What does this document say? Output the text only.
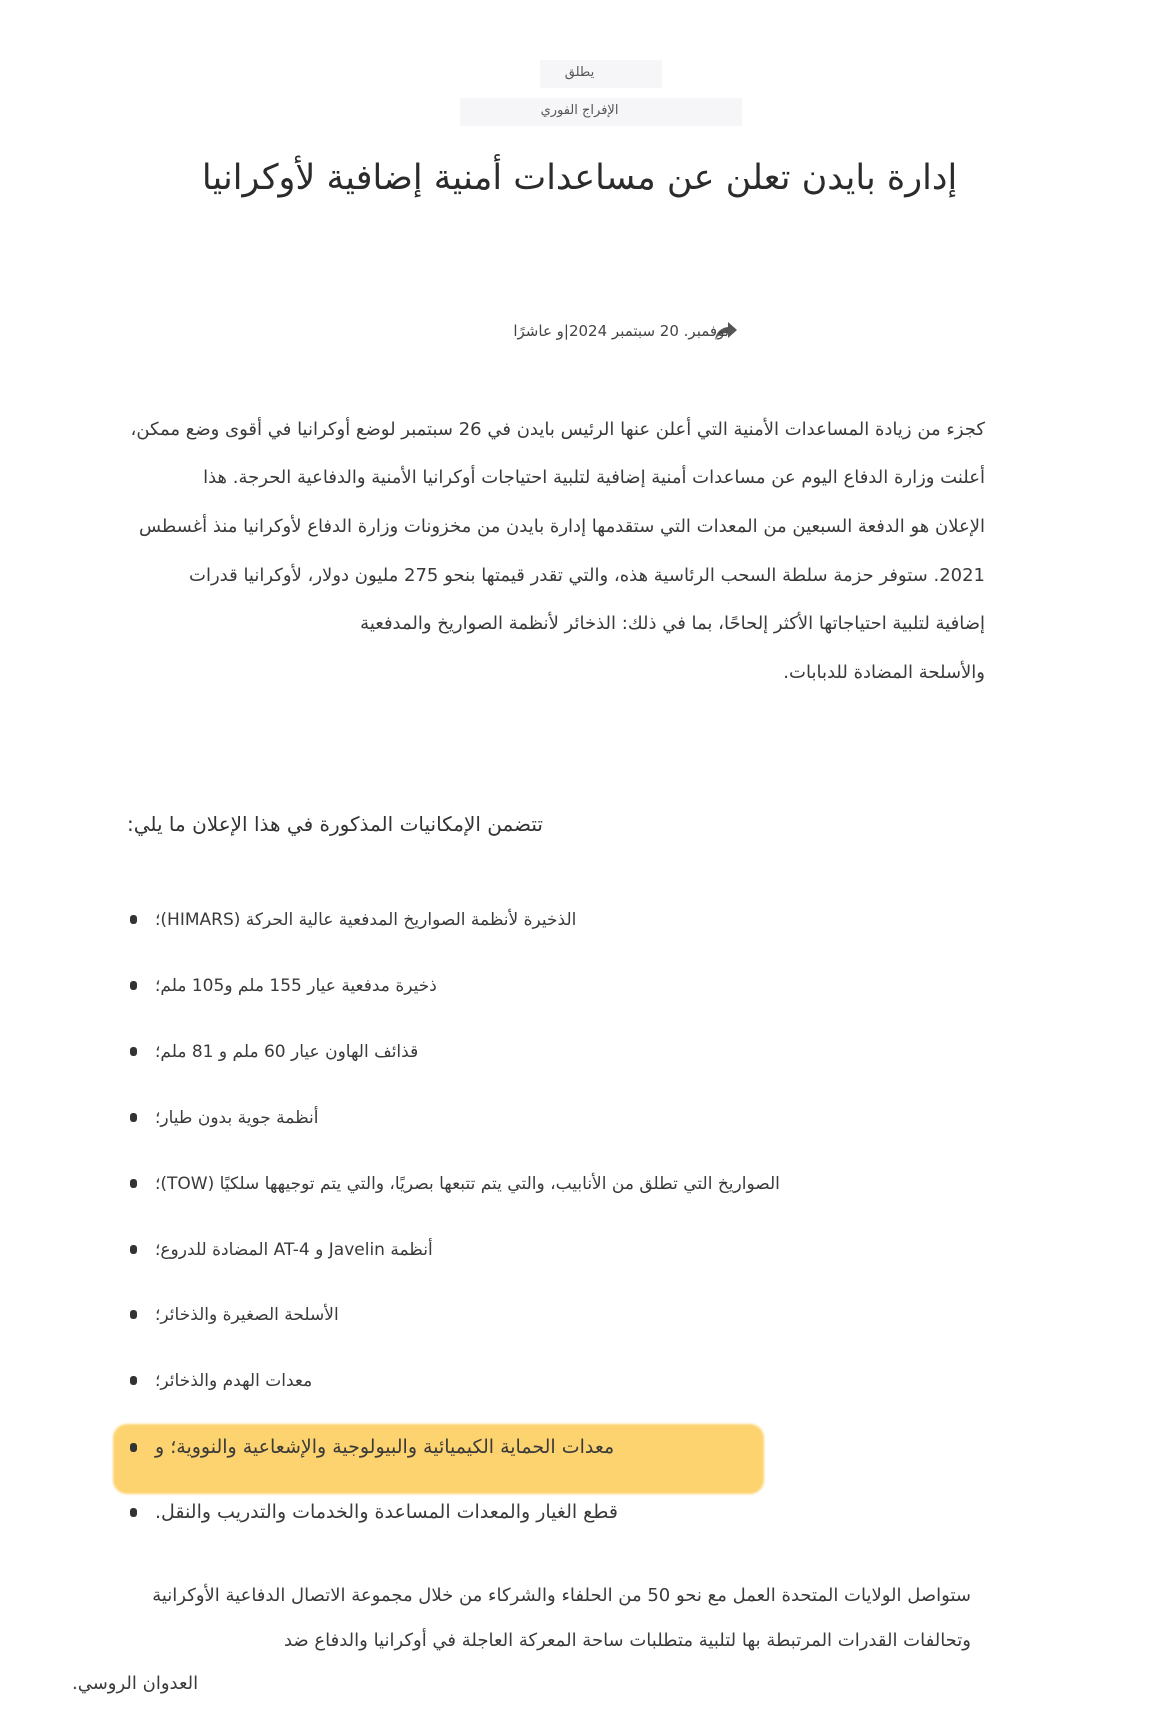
يطلق
الإفراج الفوري
إدارة بايدن تعلن عن مساعدات أمنية إضافية لأوكرانيا
نوفمبر. 20 سبتمبر 2024|و عاشرًا
كجزء من زيادة المساعدات الأمنية التي أعلن عنها الرئيس بايدن في 26 سبتمبر لوضع أوكرانيا في أقوى وضع ممكن،
أعلنت وزارة الدفاع اليوم عن مساعدات أمنية إضافية لتلبية احتياجات أوكرانيا الأمنية والدفاعية الحرجة. هذا
الإعلان هو الدفعة السبعين من المعدات التي ستقدمها إدارة بايدن من مخزونات وزارة الدفاع لأوكرانيا منذ أغسطس
2021. ستوفر حزمة سلطة السحب الرئاسية هذه، والتي تقدر قيمتها بنحو 275 مليون دولار، لأوكرانيا قدرات
إضافية لتلبية احتياجاتها الأكثر إلحاحًا، بما في ذلك: الذخائر لأنظمة الصواريخ والمدفعية
والأسلحة المضادة للدبابات.
تتضمن الإمكانيات المذكورة في هذا الإعلان ما يلي:
الذخيرة لأنظمة الصواريخ المدفعية عالية الحركة (HIMARS)؛
ذخيرة مدفعية عيار 155 ملم و105 ملم؛
قذائف الهاون عيار 60 ملم و 81 ملم؛
أنظمة جوية بدون طيار؛
الصواريخ التي تطلق من الأنابيب، والتي يتم تتبعها بصريًا، والتي يتم توجيهها سلكيًا (TOW)؛
أنظمة Javelin و AT-4 المضادة للدروع؛
الأسلحة الصغيرة والذخائر؛
معدات الهدم والذخائر؛
معدات الحماية الكيميائية والبيولوجية والإشعاعية والنووية؛ و
قطع الغيار والمعدات المساعدة والخدمات والتدريب والنقل.
ستواصل الولايات المتحدة العمل مع نحو 50 من الحلفاء والشركاء من خلال مجموعة الاتصال الدفاعية الأوكرانية
وتحالفات القدرات المرتبطة بها لتلبية متطلبات ساحة المعركة العاجلة في أوكرانيا والدفاع ضد
العدوان الروسي.
